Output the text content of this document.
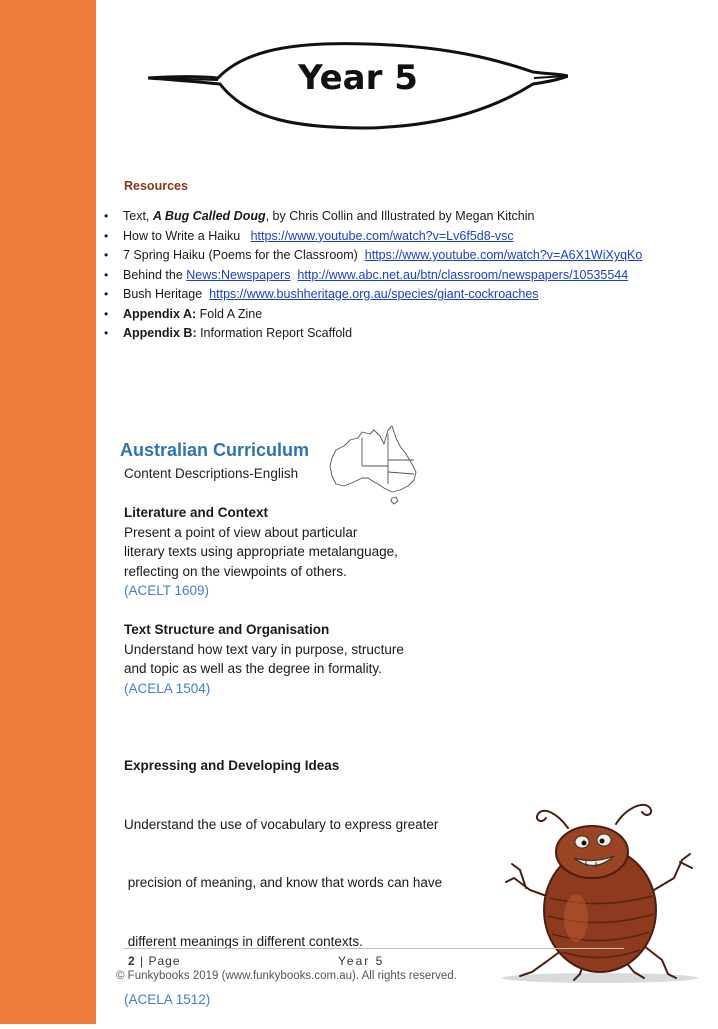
Year 5
Resources
• Text, A Bug Called Doug, by Chris Collin and Illustrated by Megan Kitchin
• How to Write a Haiku   https://www.youtube.com/watch?v=Lv6f5d8-vsc
• 7 Spring Haiku (Poems for the Classroom)  https://www.youtube.com/watch?v=A6X1WiXyqKo
• Behind the News:Newspapers http://www.abc.net.au/btn/classroom/newspapers/10535544
• Bush Heritage  https://www.bushheritage.org.au/species/giant-cockroaches
• Appendix A: Fold A Zine
• Appendix B: Information Report Scaffold
Australian Curriculum
Content Descriptions-English
Literature and Context

Present a point of view about particular

literary texts using appropriate metalanguage,

reflecting on the viewpoints of others.

(ACELT 1609)

Text Structure and Organisation

Understand how text vary in purpose, structure

and topic as well as the degree in formality.

(ACELA 1504)

Expressing and Developing Ideas

Understand the use of vocabulary to express greater

precision of meaning, and know that words can have

different meanings in different contexts.

(ACELA 1512)

2 | Page	Year 5
© Funkybooks 2019 (www.funkybooks.com.au). All rights reserved.
